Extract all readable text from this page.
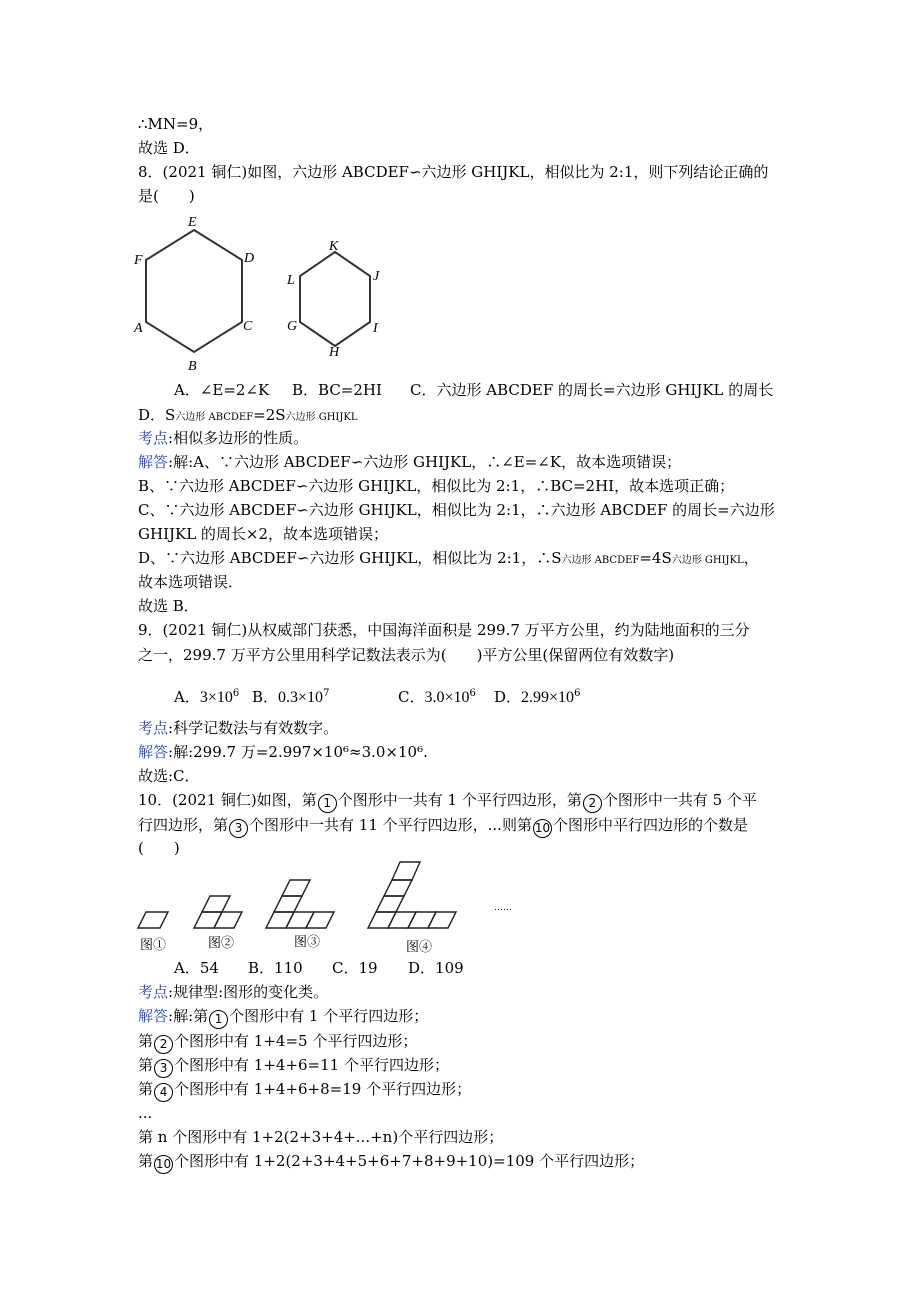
∴MN=9，
故选 D．
8．(2021 铜仁)如图，六边形 ABCDEF∽六边形 GHIJKL，相似比为 2:1，则下列结论正确的
是(　　)
E
F	D
A	C
B
K
L	J
G	I
H
A．∠E=2∠K B．BC=2HI C．六边形 ABCDEF 的周长=六边形 GHIJKL 的周长
D．S六边形 ABCDEF=2S六边形 GHIJKL
考点:相似多边形的性质。
解答:解:A、∵六边形 ABCDEF∽六边形 GHIJKL，∴∠E=∠K，故本选项错误；
B、∵六边形 ABCDEF∽六边形 GHIJKL，相似比为 2:1，∴BC=2HI，故本选项正确；
C、∵六边形 ABCDEF∽六边形 GHIJKL，相似比为 2:1，∴六边形 ABCDEF 的周长=六边形
GHIJKL 的周长×2，故本选项错误；
D、∵六边形 ABCDEF∽六边形 GHIJKL，相似比为 2:1，∴S六边形 ABCDEF=4S六边形 GHIJKL，
故本选项错误．
故选 B．
9．(2021 铜仁)从权威部门获悉，中国海洋面积是 299.7 万平方公里，约为陆地面积的三分
之一，299.7 万平方公里用科学记数法表示为(　　)平方公里(保留两位有效数字)
A．$3\times 10^6$ B．$0.3\times 10^7$	C．$3.0\times 10^6$ D．$2.99\times 10^6$
考点:科学记数法与有效数字。
解答:解:299.7 万=2.997×10⁶≈3.0×10⁶.
故选:C．
10．(2021 铜仁)如图，第 1 个图形中一共有 1 个平行四边形，第 2 个图形中一共有 5 个平
行四边形，第 3 个图形中一共有 11 个平行四边形，...则第 10 个图形中平行四边形的个数是
(　　)
图①	图②	图③	图④
……
A．54 B．110 C．19 D．109
考点:规律型:图形的变化类。
解答:解:第 1 个图形中有 1 个平行四边形；
第 2 个图形中有 1+4=5 个平行四边形；
第 3 个图形中有 1+4+6=11 个平行四边形；
第 4 个图形中有 1+4+6+8=19 个平行四边形；
...
第 n 个图形中有 1+2(2+3+4+...+n)个平行四边形；
第 10 个图形中有 1+2(2+3+4+5+6+7+8+9+10)=109 个平行四边形；
